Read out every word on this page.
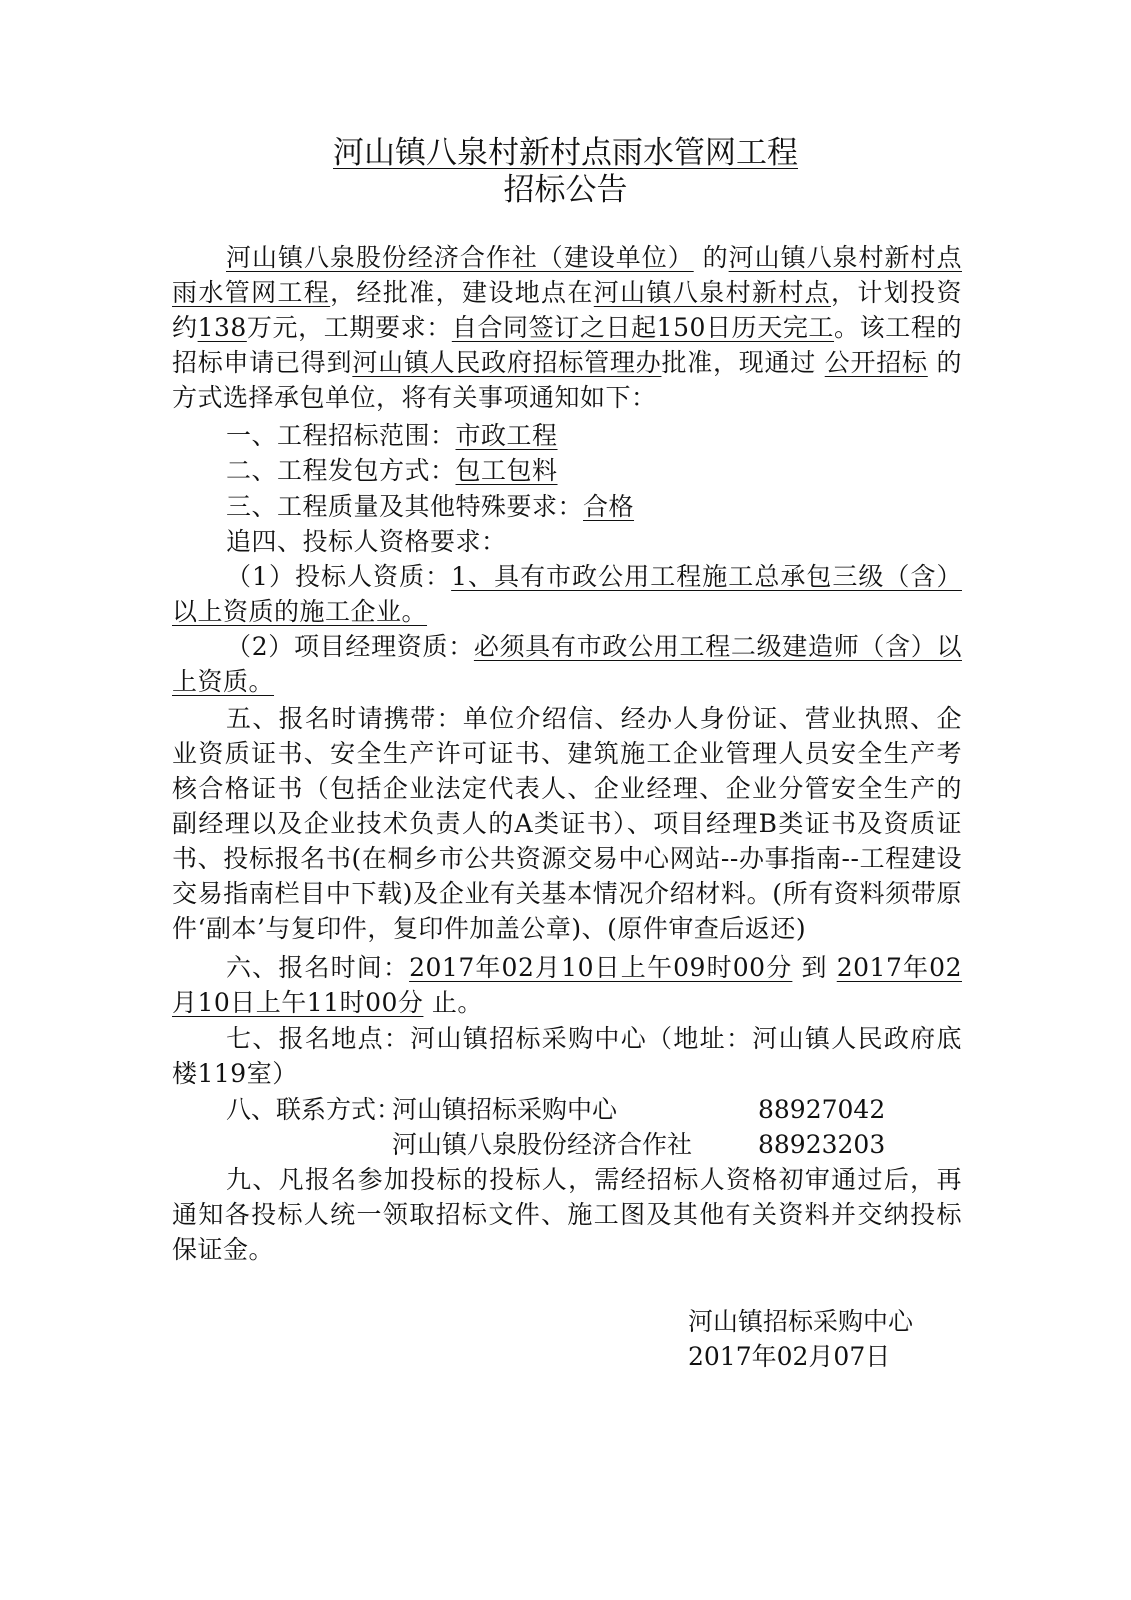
河山镇八泉村新村点雨水管网工程
招标公告

河山镇八泉股份经济合作社（建设单位） 的河山镇八泉村新村点雨水管网工程，经批准，建设地点在河山镇八泉村新村点，计划投资约138万元，工期要求：自合同签订之日起150日历天完工。该工程的招标申请已得到河山镇人民政府招标管理办批准，现通过 公开招标 的方式选择承包单位，将有关事项通知如下：

一、工程招标范围：市政工程

二、工程发包方式：包工包料

三、工程质量及其他特殊要求：合格

追四、投标人资格要求：

（1）投标人资质：1、具有市政公用工程施工总承包三级（含）以上资质的施工企业。

（2）项目经理资质：必须具有市政公用工程二级建造师（含）以上资质。

五、报名时请携带：单位介绍信、经办人身份证、营业执照、企业资质证书、安全生产许可证书、建筑施工企业管理人员安全生产考核合格证书（包括企业法定代表人、企业经理、企业分管安全生产的副经理以及企业技术负责人的A类证书）、项目经理B类证书及资质证书、投标报名书(在桐乡市公共资源交易中心网站--办事指南--工程建设交易指南栏目中下载)及企业有关基本情况介绍材料。(所有资料须带原件‘副本’与复印件，复印件加盖公章)、(原件审查后返还)

六、报名时间：2017年02月10日上午09时00分 到 2017年02月10日上午11时00分 止。

七、报名地点：河山镇招标采购中心（地址：河山镇人民政府底楼119室）

八、联系方式：
河山镇招标采购中心	88927042
河山镇八泉股份经济合作社	88923203

九、凡报名参加投标的投标人，需经招标人资格初审通过后，再通知各投标人统一领取招标文件、施工图及其他有关资料并交纳投标保证金。

河山镇招标采购中心
2017年02月07日
